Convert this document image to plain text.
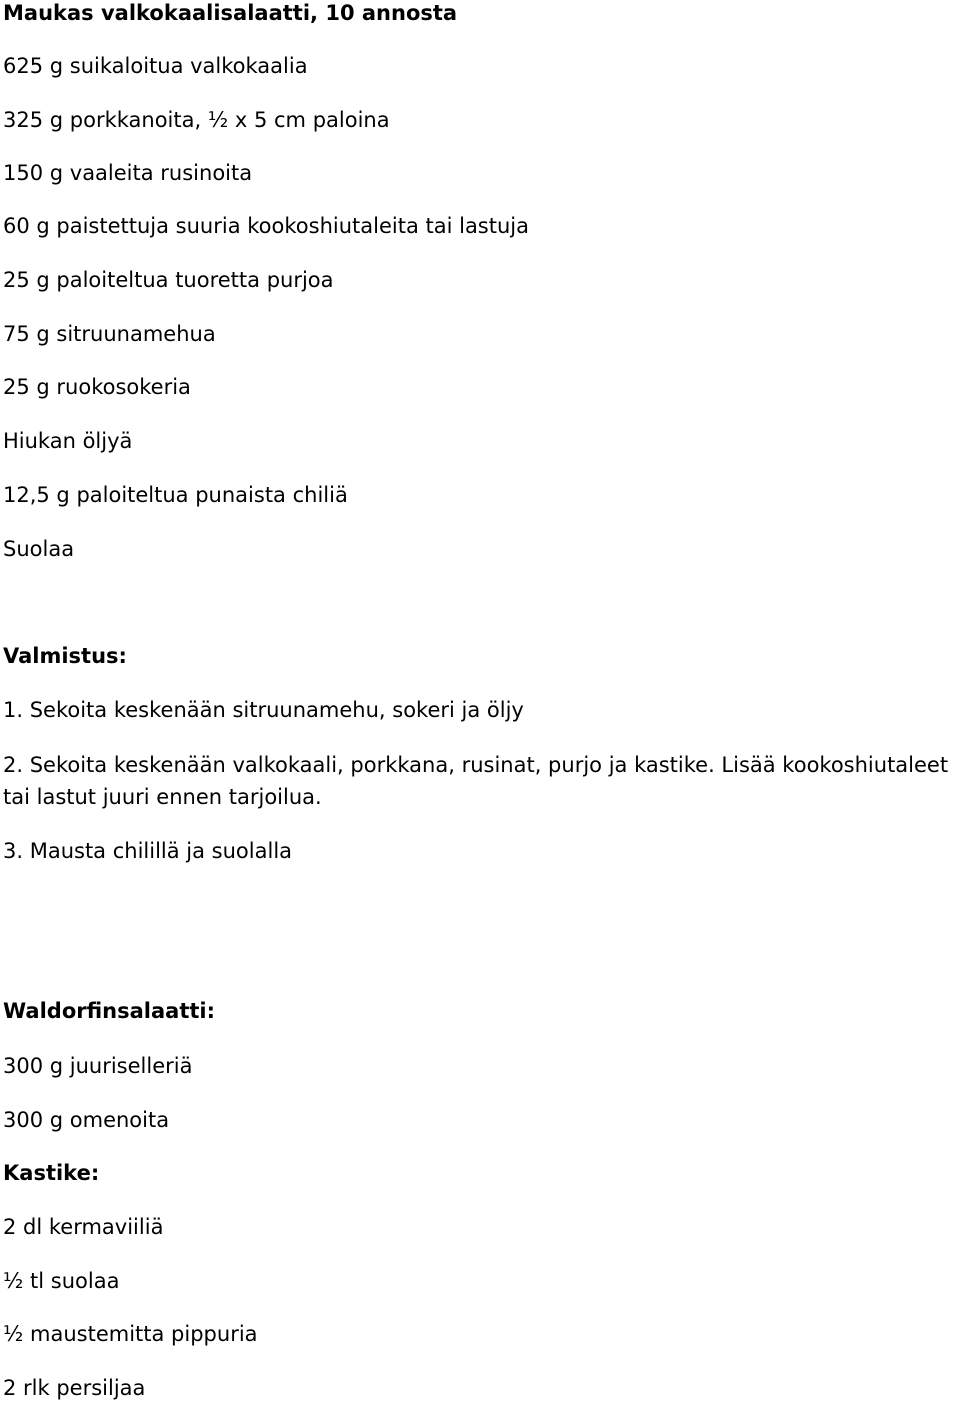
Maukas valkokaalisalaatti, 10 annosta
625 g suikaloitua valkokaalia
325 g porkkanoita, ½ x 5 cm paloina
150 g vaaleita rusinoita
60 g paistettuja suuria kookoshiutaleita tai lastuja
25 g paloiteltua tuoretta purjoa
75 g sitruunamehua
25 g ruokosokeria
Hiukan öljyä
12,5 g paloiteltua punaista chiliä
Suolaa
Valmistus:
1. Sekoita keskenään sitruunamehu, sokeri ja öljy
2. Sekoita keskenään valkokaali, porkkana, rusinat, purjo ja kastike. Lisää kookoshiutaleet tai lastut juuri ennen tarjoilua.
3. Mausta chilillä ja suolalla
Waldorfinsalaatti:
300 g juuriselleriä
300 g omenoita
Kastike:
2 dl kermaviiliä
½ tl suolaa
½ maustemitta pippuria
2 rlk persiljaa
